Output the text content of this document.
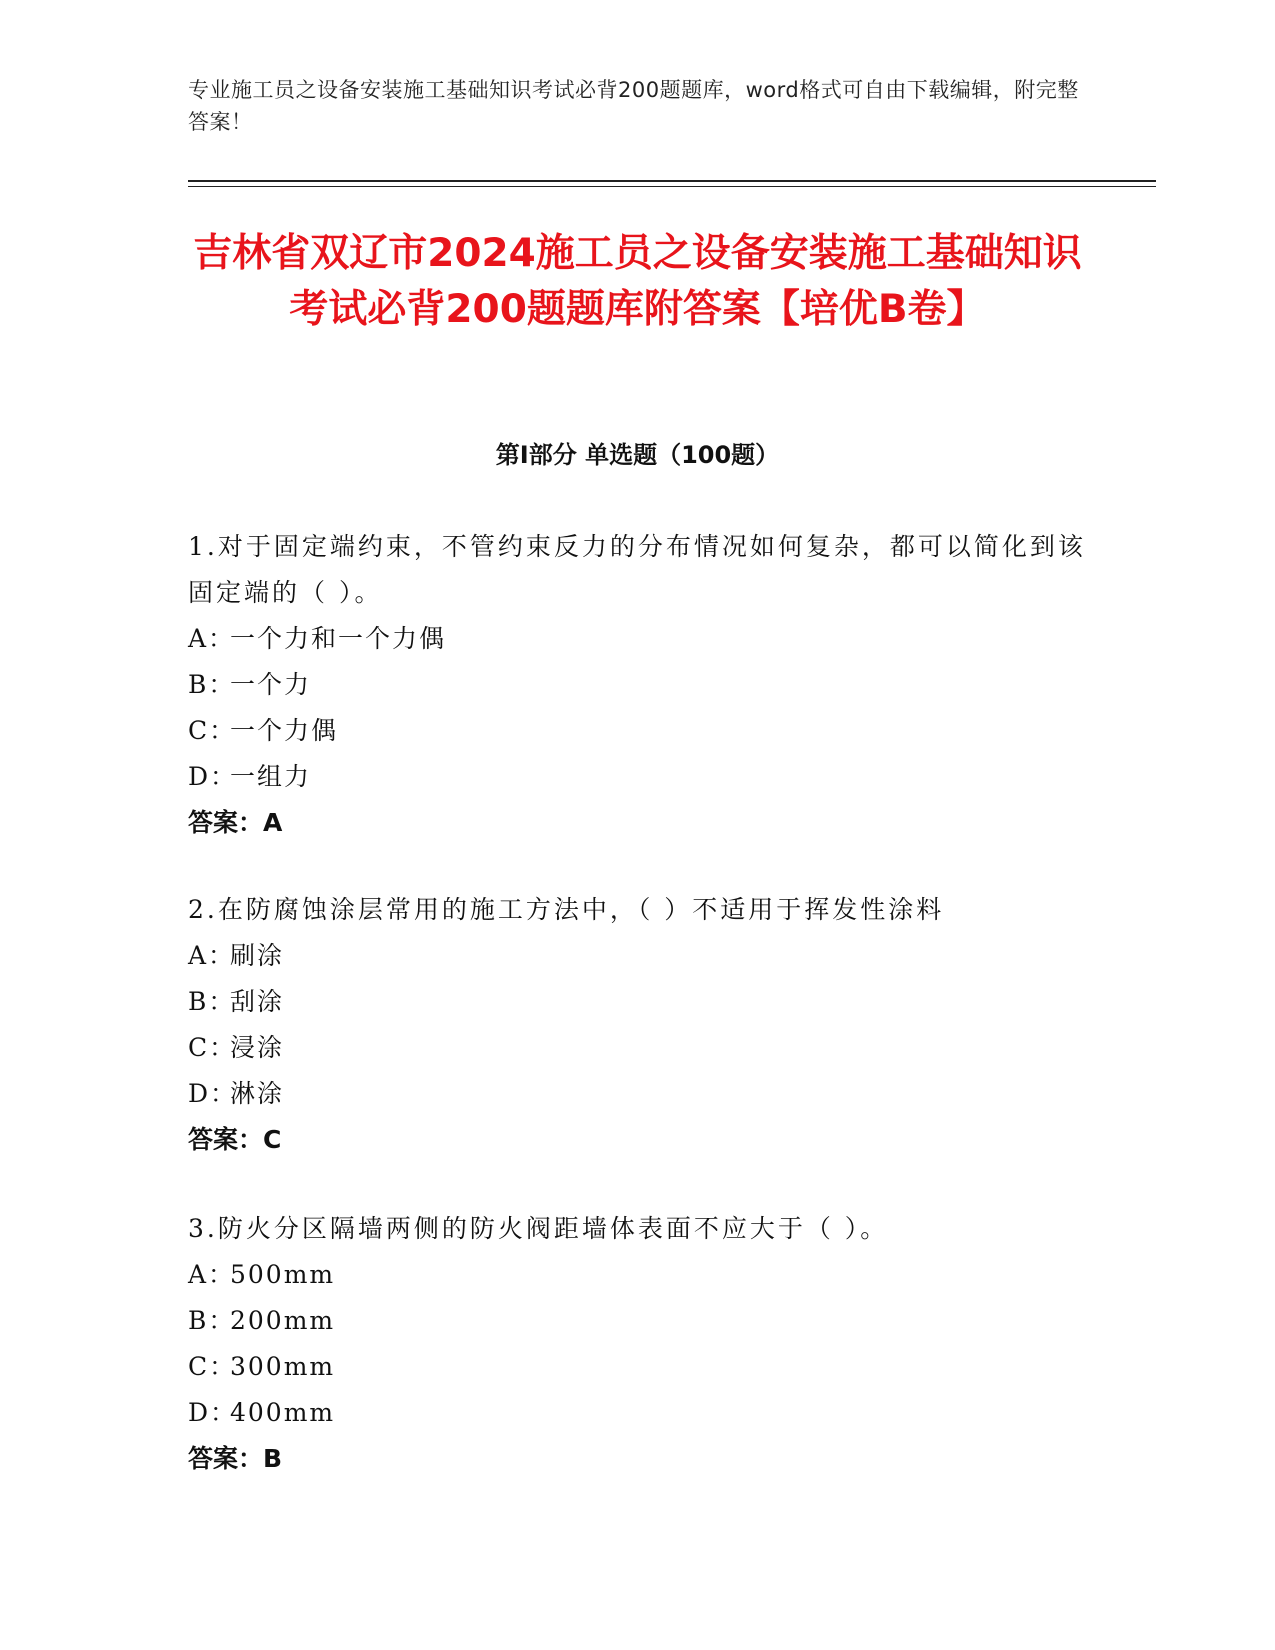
专业施工员之设备安装施工基础知识考试必背200题题库，word格式可自由下载编辑，附完整答案！
吉林省双辽市2024施工员之设备安装施工基础知识考试必背200题题库附答案【培优B卷】
第I部分 单选题（100题）
1.对于固定端约束，不管约束反力的分布情况如何复杂，都可以简化到该固定端的（ ）。
A：一个力和一个力偶
B：一个力
C：一个力偶
D：一组力
答案：A
2.在防腐蚀涂层常用的施工方法中，（ ）不适用于挥发性涂料
A：刷涂
B：刮涂
C：浸涂
D：淋涂
答案：C
3.防火分区隔墙两侧的防火阀距墙体表面不应大于（ ）。
A：500mm
B：200mm
C：300mm
D：400mm
答案：B
